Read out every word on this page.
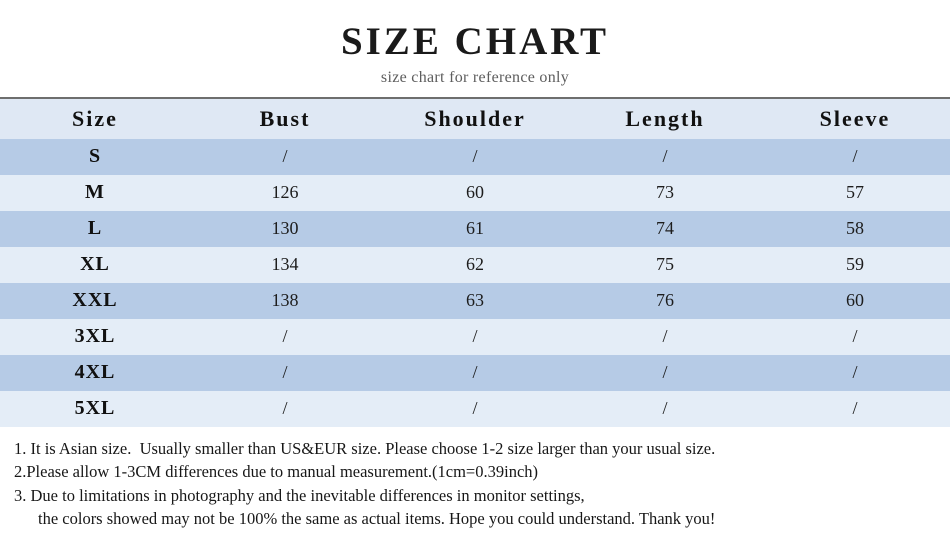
SIZE CHART
size chart for reference only
Size	Bust	Shoulder	Length	Sleeve
S	/	/	/	/
M	126	60	73	57
L	130	61	74	58
XL	134	62	75	59
XXL	138	63	76	60
3XL	/	/	/	/
4XL	/	/	/	/
5XL	/	/	/	/
1. It is Asian size.  Usually smaller than US&EUR size. Please choose 1-2 size larger than your usual size.
2.Please allow 1-3CM differences due to manual measurement.(1cm=0.39inch)
3. Due to limitations in photography and the inevitable differences in monitor settings,
the colors showed may not be 100% the same as actual items. Hope you could understand. Thank you!
